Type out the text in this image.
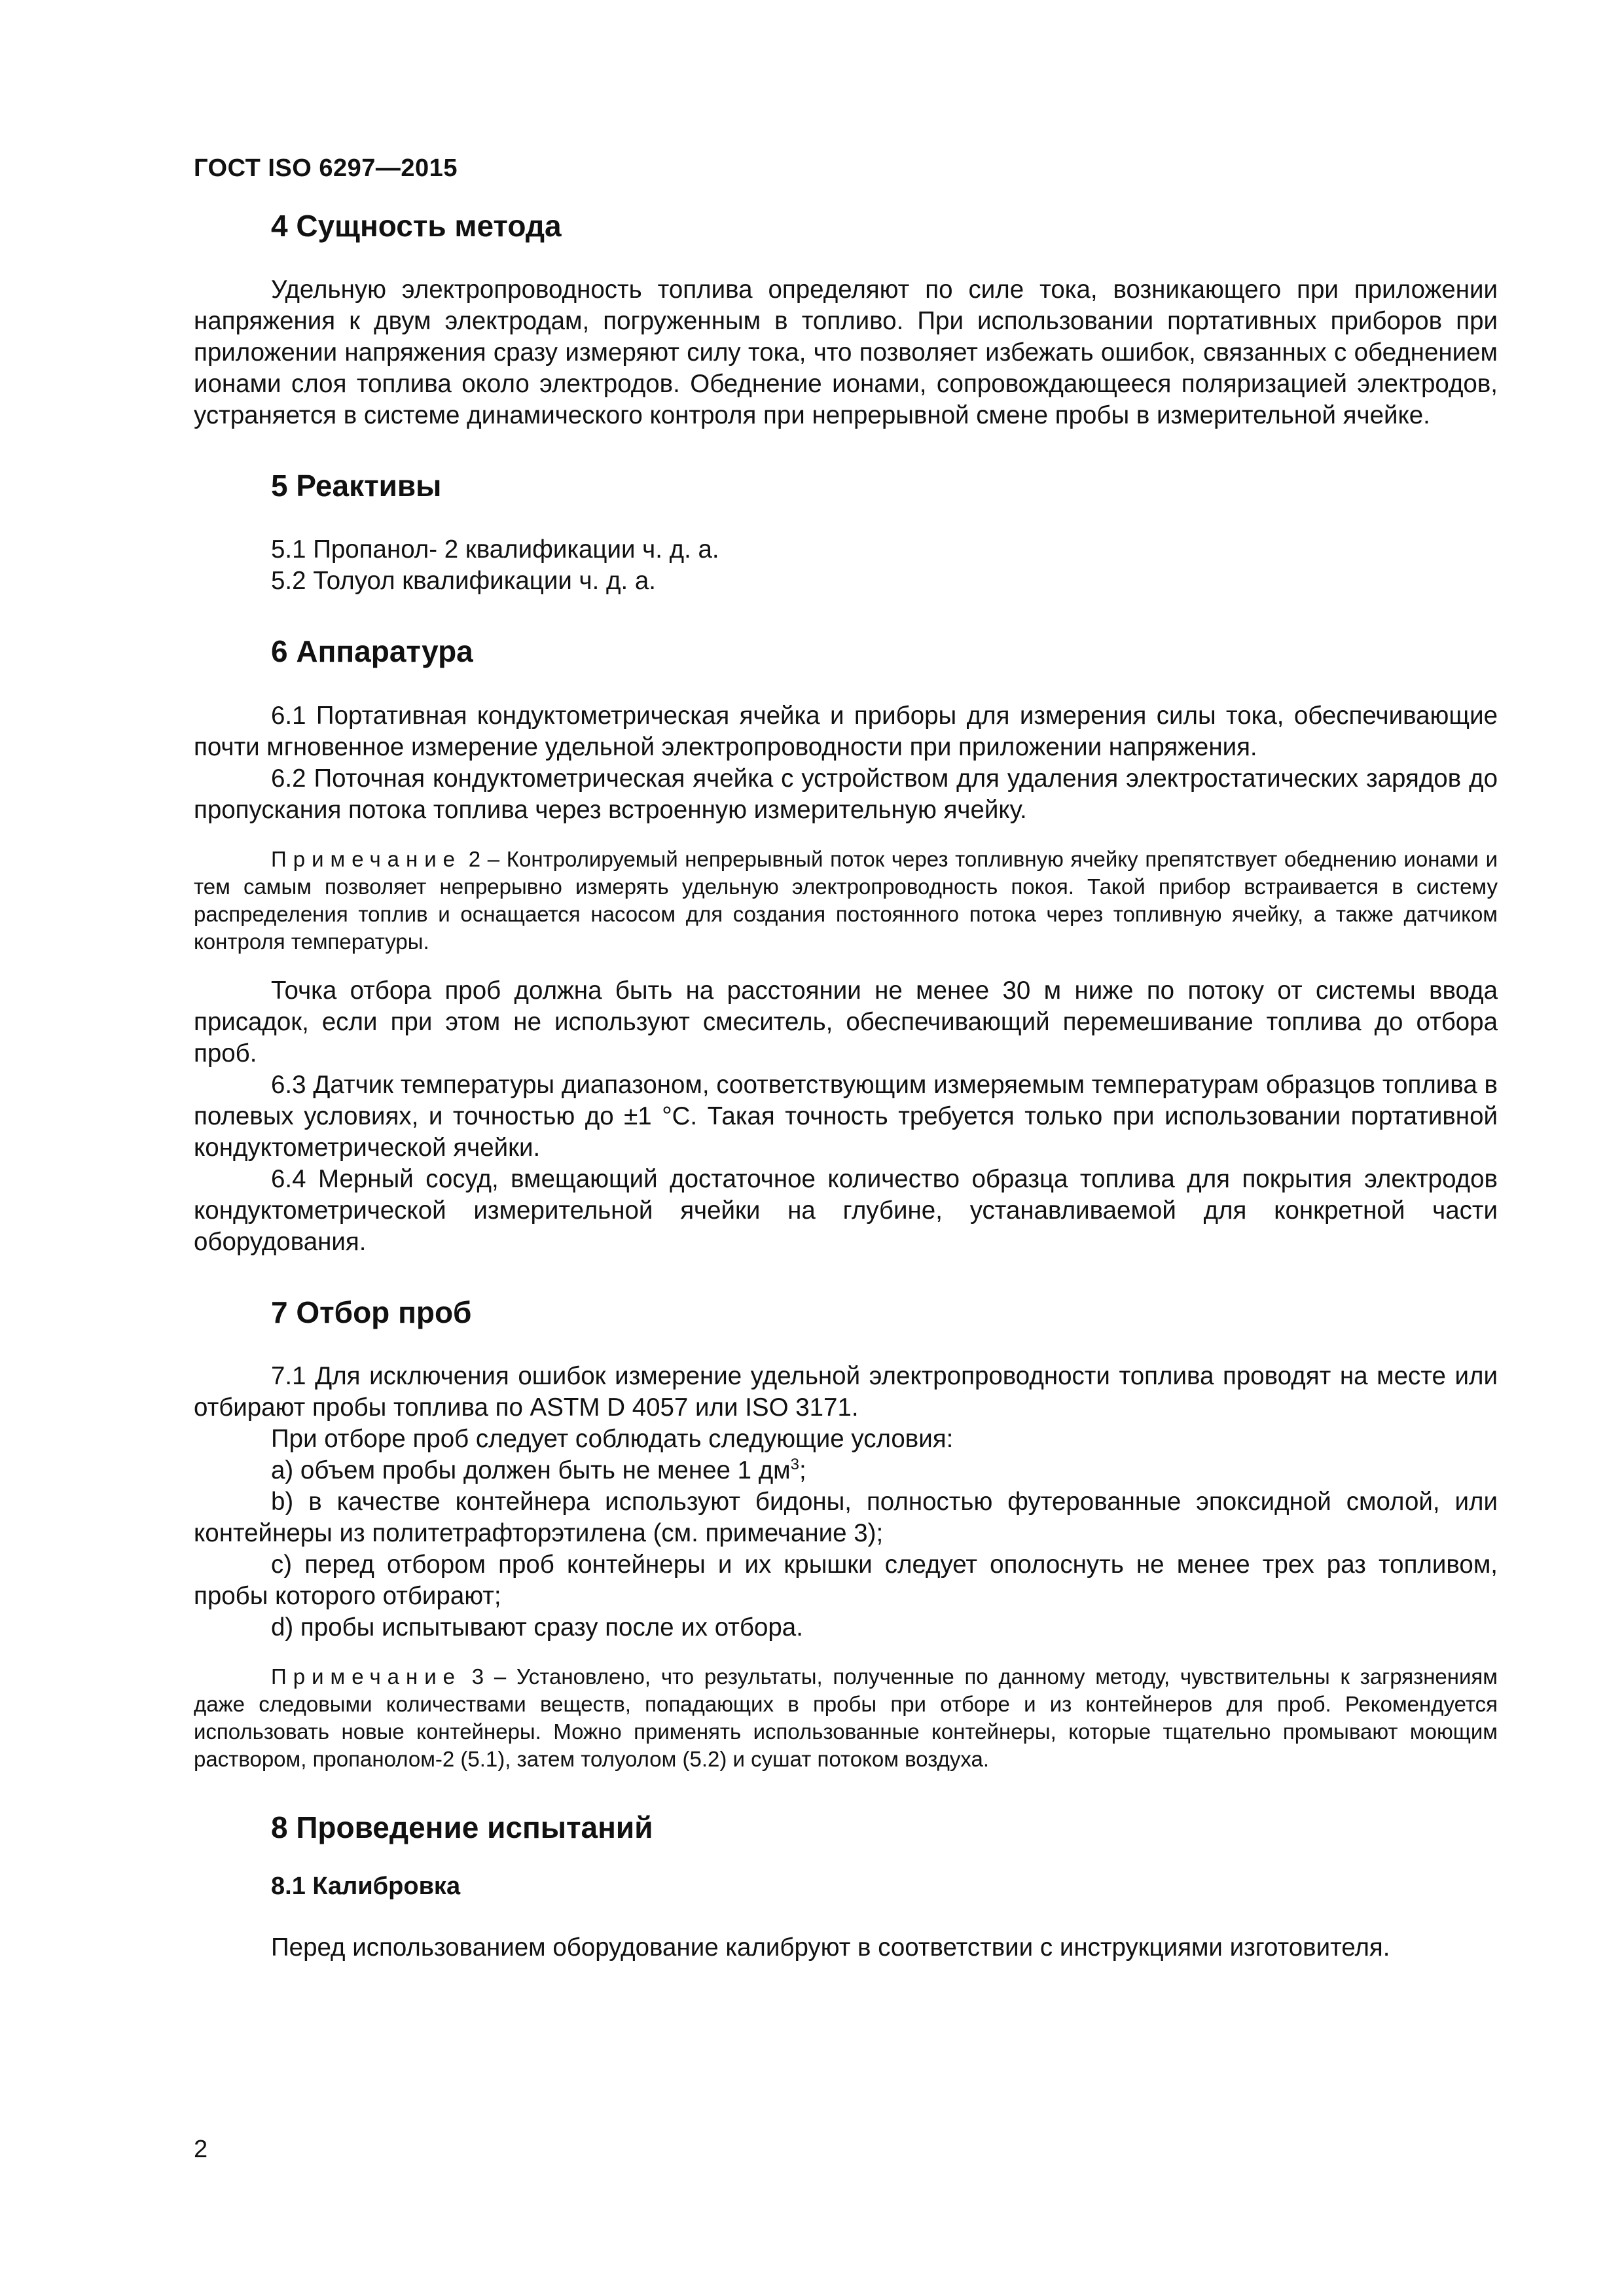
ГОСТ ISO 6297—2015
4 Сущность метода

Удельную электропроводность топлива определяют по силе тока, возникающего при приложении напряжения к двум электродам, погруженным в топливо. При использовании портативных приборов при приложении напряжения сразу измеряют силу тока, что позволяет избежать ошибок, связанных с обеднением ионами слоя топлива около электродов. Обеднение ионами, сопровождающееся поляризацией электродов, устраняется в системе динамического контроля при непрерывной смене пробы в измерительной ячейке.

5 Реактивы

5.1 Пропанол- 2 квалификации ч. д. а.

5.2 Толуол квалификации ч. д. а.

6 Аппаратура

6.1 Портативная кондуктометрическая ячейка и приборы для измерения силы тока, обеспечивающие почти мгновенное измерение удельной электропроводности при приложении напряжения.

6.2 Поточная кондуктометрическая ячейка с устройством для удаления электростатических зарядов до пропускания потока топлива через встроенную измерительную ячейку.

Примечание 2 – Контролируемый непрерывный поток через топливную ячейку препятствует обеднению ионами и тем самым позволяет непрерывно измерять удельную электропроводность покоя. Такой прибор встраивается в систему распределения топлив и оснащается насосом для создания постоянного потока через топливную ячейку, а также датчиком контроля температуры.

Точка отбора проб должна быть на расстоянии не менее 30 м ниже по потоку от системы ввода присадок, если при этом не используют смеситель, обеспечивающий перемешивание топлива до отбора проб.

6.3 Датчик температуры диапазоном, соответствующим измеряемым температурам образцов топлива в полевых условиях, и точностью до ±1 °С. Такая точность требуется только при использовании портативной кондуктометрической ячейки.

6.4 Мерный сосуд, вмещающий достаточное количество образца топлива для покрытия электродов кондуктометрической измерительной ячейки на глубине, устанавливаемой для конкретной части оборудования.

7 Отбор проб

7.1 Для исключения ошибок измерение удельной электропроводности топлива проводят на месте или отбирают пробы топлива по ASTM D 4057 или ISO 3171.

При отборе проб следует соблюдать следующие условия:

а) объем пробы должен быть не менее 1 $дм^3$;

b) в качестве контейнера используют бидоны, полностью футерованные эпоксидной смолой, или контейнеры из политетрафторэтилена (см. примечание 3);

с) перед отбором проб контейнеры и их крышки следует ополоснуть не менее трех раз топливом, пробы которого отбирают;

d) пробы испытывают сразу после их отбора.

Примечание 3 – Установлено, что результаты, полученные по данному методу, чувствительны к загрязнениям даже следовыми количествами веществ, попадающих в пробы при отборе и из контейнеров для проб. Рекомендуется использовать новые контейнеры. Можно применять использованные контейнеры, которые тщательно промывают моющим раствором, пропанолом-2 (5.1), затем толуолом (5.2) и сушат потоком воздуха.

8 Проведение испытаний
8.1 Калибровка

Перед использованием оборудование калибруют в соответствии с инструкциями изготовителя.

2
